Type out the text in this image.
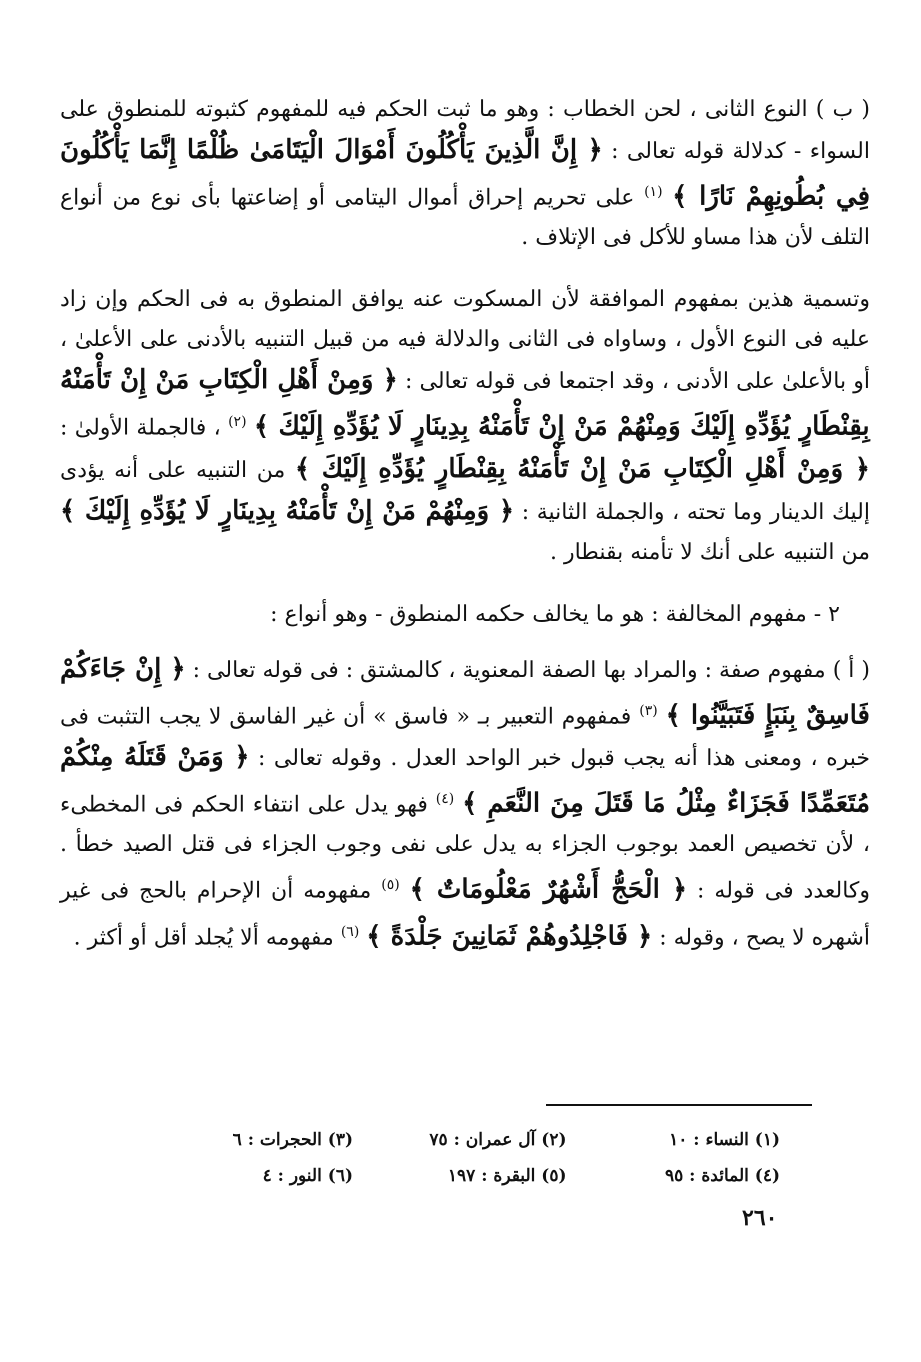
( ب ) النوع الثانى ، لحن الخطاب : وهو ما ثبت الحكم فيه للمفهوم كثبوته للمنطوق على السواء - كدلالة قوله تعالى : ﴿ إِنَّ الَّذِينَ يَأْكُلُونَ أَمْوَالَ الْيَتَامَىٰ ظُلْمًا إِنَّمَا يَأْكُلُونَ فِي بُطُونِهِمْ نَارًا ﴾ $^{(١)}$ على تحريم إحراق أموال اليتامى أو إضاعتها بأى نوع من أنواع التلف لأن هذا مساو للأكل فى الإتلاف .

وتسمية هذين بمفهوم الموافقة لأن المسكوت عنه يوافق المنطوق به فى الحكم وإن زاد عليه فى النوع الأول ، وساواه فى الثانى والدلالة فيه من قبيل التنبيه بالأدنى على الأعلىٰ ، أو بالأعلىٰ على الأدنى ، وقد اجتمعا فى قوله تعالى : ﴿ وَمِنْ أَهْلِ الْكِتَابِ مَنْ إِنْ تَأْمَنْهُ بِقِنْطَارٍ يُؤَدِّهِ إِلَيْكَ وَمِنْهُمْ مَنْ إِنْ تَأْمَنْهُ بِدِينَارٍ لَا يُؤَدِّهِ إِلَيْكَ ﴾ $^{(٢)}$ ، فالجملة الأولىٰ : ﴿ وَمِنْ أَهْلِ الْكِتَابِ مَنْ إِنْ تَأْمَنْهُ بِقِنْطَارٍ يُؤَدِّهِ إِلَيْكَ ﴾ من التنبيه على أنه يؤدى إليك الدينار وما تحته ، والجملة الثانية : ﴿ وَمِنْهُمْ مَنْ إِنْ تَأْمَنْهُ بِدِينَارٍ لَا يُؤَدِّهِ إِلَيْكَ ﴾ من التنبيه على أنك لا تأمنه بقنطار .

٢ - مفهوم المخالفة : هو ما يخالف حكمه المنطوق - وهو أنواع :

( أ ) مفهوم صفة : والمراد بها الصفة المعنوية ، كالمشتق : فى قوله تعالى : ﴿ إِنْ جَاءَكُمْ فَاسِقٌ بِنَبَإٍ فَتَبَيَّنُوا ﴾ $^{(٣)}$ فمفهوم التعبير بـ « فاسق » أن غير الفاسق لا يجب التثبت فى خبره ، ومعنى هذا أنه يجب قبول خبر الواحد العدل . وقوله تعالى : ﴿ وَمَنْ قَتَلَهُ مِنْكُمْ مُتَعَمِّدًا فَجَزَاءٌ مِثْلُ مَا قَتَلَ مِنَ النَّعَمِ ﴾ $^{(٤)}$ فهو يدل على انتفاء الحكم فى المخطىء ، لأن تخصيص العمد بوجوب الجزاء به يدل على نفى وجوب الجزاء فى قتل الصيد خطأ . وكالعدد فى قوله : ﴿ الْحَجُّ أَشْهُرٌ مَعْلُومَاتٌ ﴾ $^{(٥)}$ مفهومه أن الإحرام بالحج فى غير أشهره لا يصح ، وقوله : ﴿ فَاجْلِدُوهُمْ ثَمَانِينَ جَلْدَةً ﴾ $^{(٦)}$ مفهومه ألا يُجلد أقل أو أكثر .

(١) النساء : ١٠
(٢) آل عمران : ٧٥
(٣) الحجرات : ٦
(٤) المائدة : ٩٥
(٥) البقرة : ١٩٧
(٦) النور : ٤
٢٦٠
